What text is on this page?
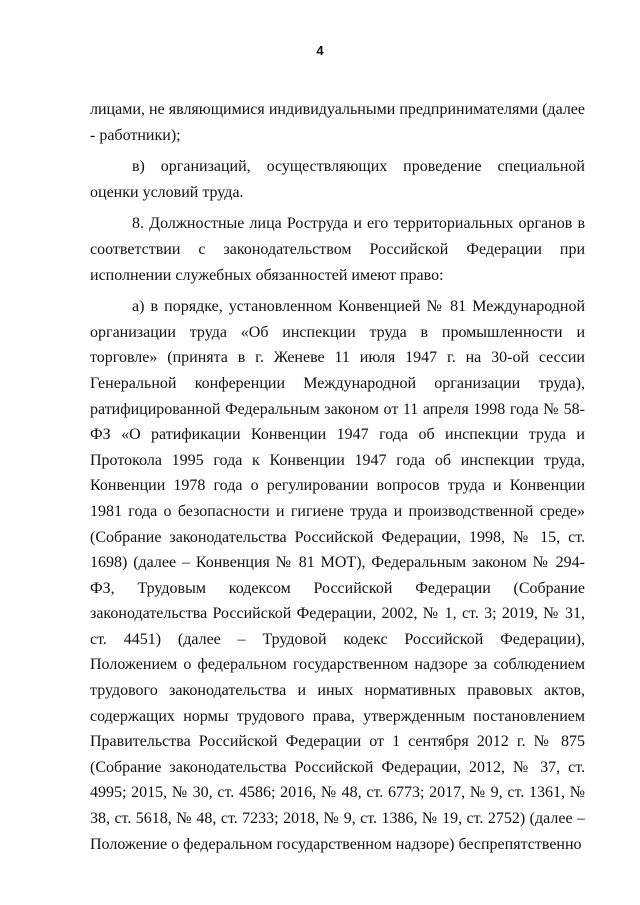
4

лицами, не являющимися индивидуальными предпринимателями (далее - работники);

в) организаций, осуществляющих проведение специальной оценки условий труда.

8. Должностные лица Роструда и его территориальных органов в соответствии с законодательством Российской Федерации при исполнении служебных обязанностей имеют право:

а) в порядке, установленном Конвенцией № 81 Международной организации труда «Об инспекции труда в промышленности и торговле» (принята в г. Женеве 11 июля 1947 г. на 30-ой сессии Генеральной конференции Международной организации труда), ратифицированной Федеральным законом от 11 апреля 1998 года № 58-ФЗ «О ратификации Конвенции 1947 года об инспекции труда и Протокола 1995 года к Конвенции 1947 года об инспекции труда, Конвенции 1978 года о регулировании вопросов труда и Конвенции 1981 года о безопасности и гигиене труда и производственной среде» (Собрание законодательства Российской Федерации, 1998, № 15, ст. 1698) (далее – Конвенция № 81 МОТ), Федеральным законом № 294-ФЗ, Трудовым кодексом Российской Федерации (Собрание законодательства Российской Федерации, 2002, № 1, ст. 3; 2019, № 31, ст. 4451) (далее – Трудовой кодекс Российской Федерации), Положением о федеральном государственном надзоре за соблюдением трудового законодательства и иных нормативных правовых актов, содержащих нормы трудового права, утвержденным постановлением Правительства Российской Федерации от 1 сентября 2012 г. № 875 (Собрание законодательства Российской Федерации, 2012, № 37, ст. 4995; 2015, № 30, ст. 4586; 2016, № 48, ст. 6773; 2017, № 9, ст. 1361, № 38, ст. 5618, № 48, ст. 7233; 2018, № 9, ст. 1386, № 19, ст. 2752) (далее – Положение о федеральном государственном надзоре) беспрепятственно
